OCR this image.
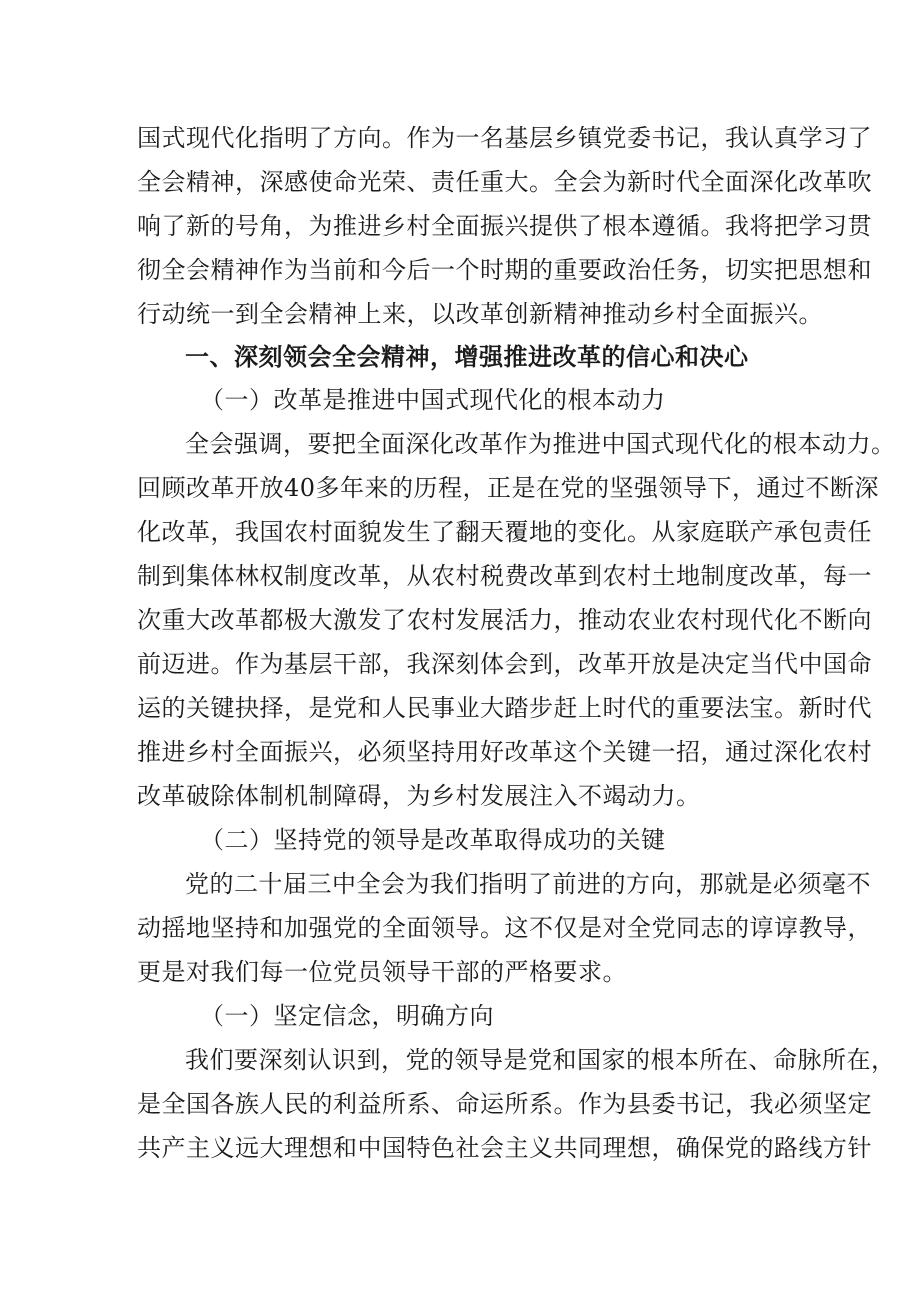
国式现代化指明了方向。作为一名基层乡镇党委书记，我认真学习了
全会精神，深感使命光荣、责任重大。全会为新时代全面深化改革吹
响了新的号角，为推进乡村全面振兴提供了根本遵循。我将把学习贯
彻全会精神作为当前和今后一个时期的重要政治任务，切实把思想和
行动统一到全会精神上来，以改革创新精神推动乡村全面振兴。
一、深刻领会全会精神，增强推进改革的信心和决心
（一）改革是推进中国式现代化的根本动力
全会强调，要把全面深化改革作为推进中国式现代化的根本动力。
回顾改革开放40多年来的历程，正是在党的坚强领导下，通过不断深
化改革，我国农村面貌发生了翻天覆地的变化。从家庭联产承包责任
制到集体林权制度改革，从农村税费改革到农村土地制度改革，每一
次重大改革都极大激发了农村发展活力，推动农业农村现代化不断向
前迈进。作为基层干部，我深刻体会到，改革开放是决定当代中国命
运的关键抉择，是党和人民事业大踏步赶上时代的重要法宝。新时代
推进乡村全面振兴，必须坚持用好改革这个关键一招，通过深化农村
改革破除体制机制障碍，为乡村发展注入不竭动力。
（二）坚持党的领导是改革取得成功的关键
党的二十届三中全会为我们指明了前进的方向，那就是必须毫不
动摇地坚持和加强党的全面领导。这不仅是对全党同志的谆谆教导，
更是对我们每一位党员领导干部的严格要求。
（一）坚定信念，明确方向
我们要深刻认识到，党的领导是党和国家的根本所在、命脉所在，
是全国各族人民的利益所系、命运所系。作为县委书记，我必须坚定
共产主义远大理想和中国特色社会主义共同理想，确保党的路线方针
